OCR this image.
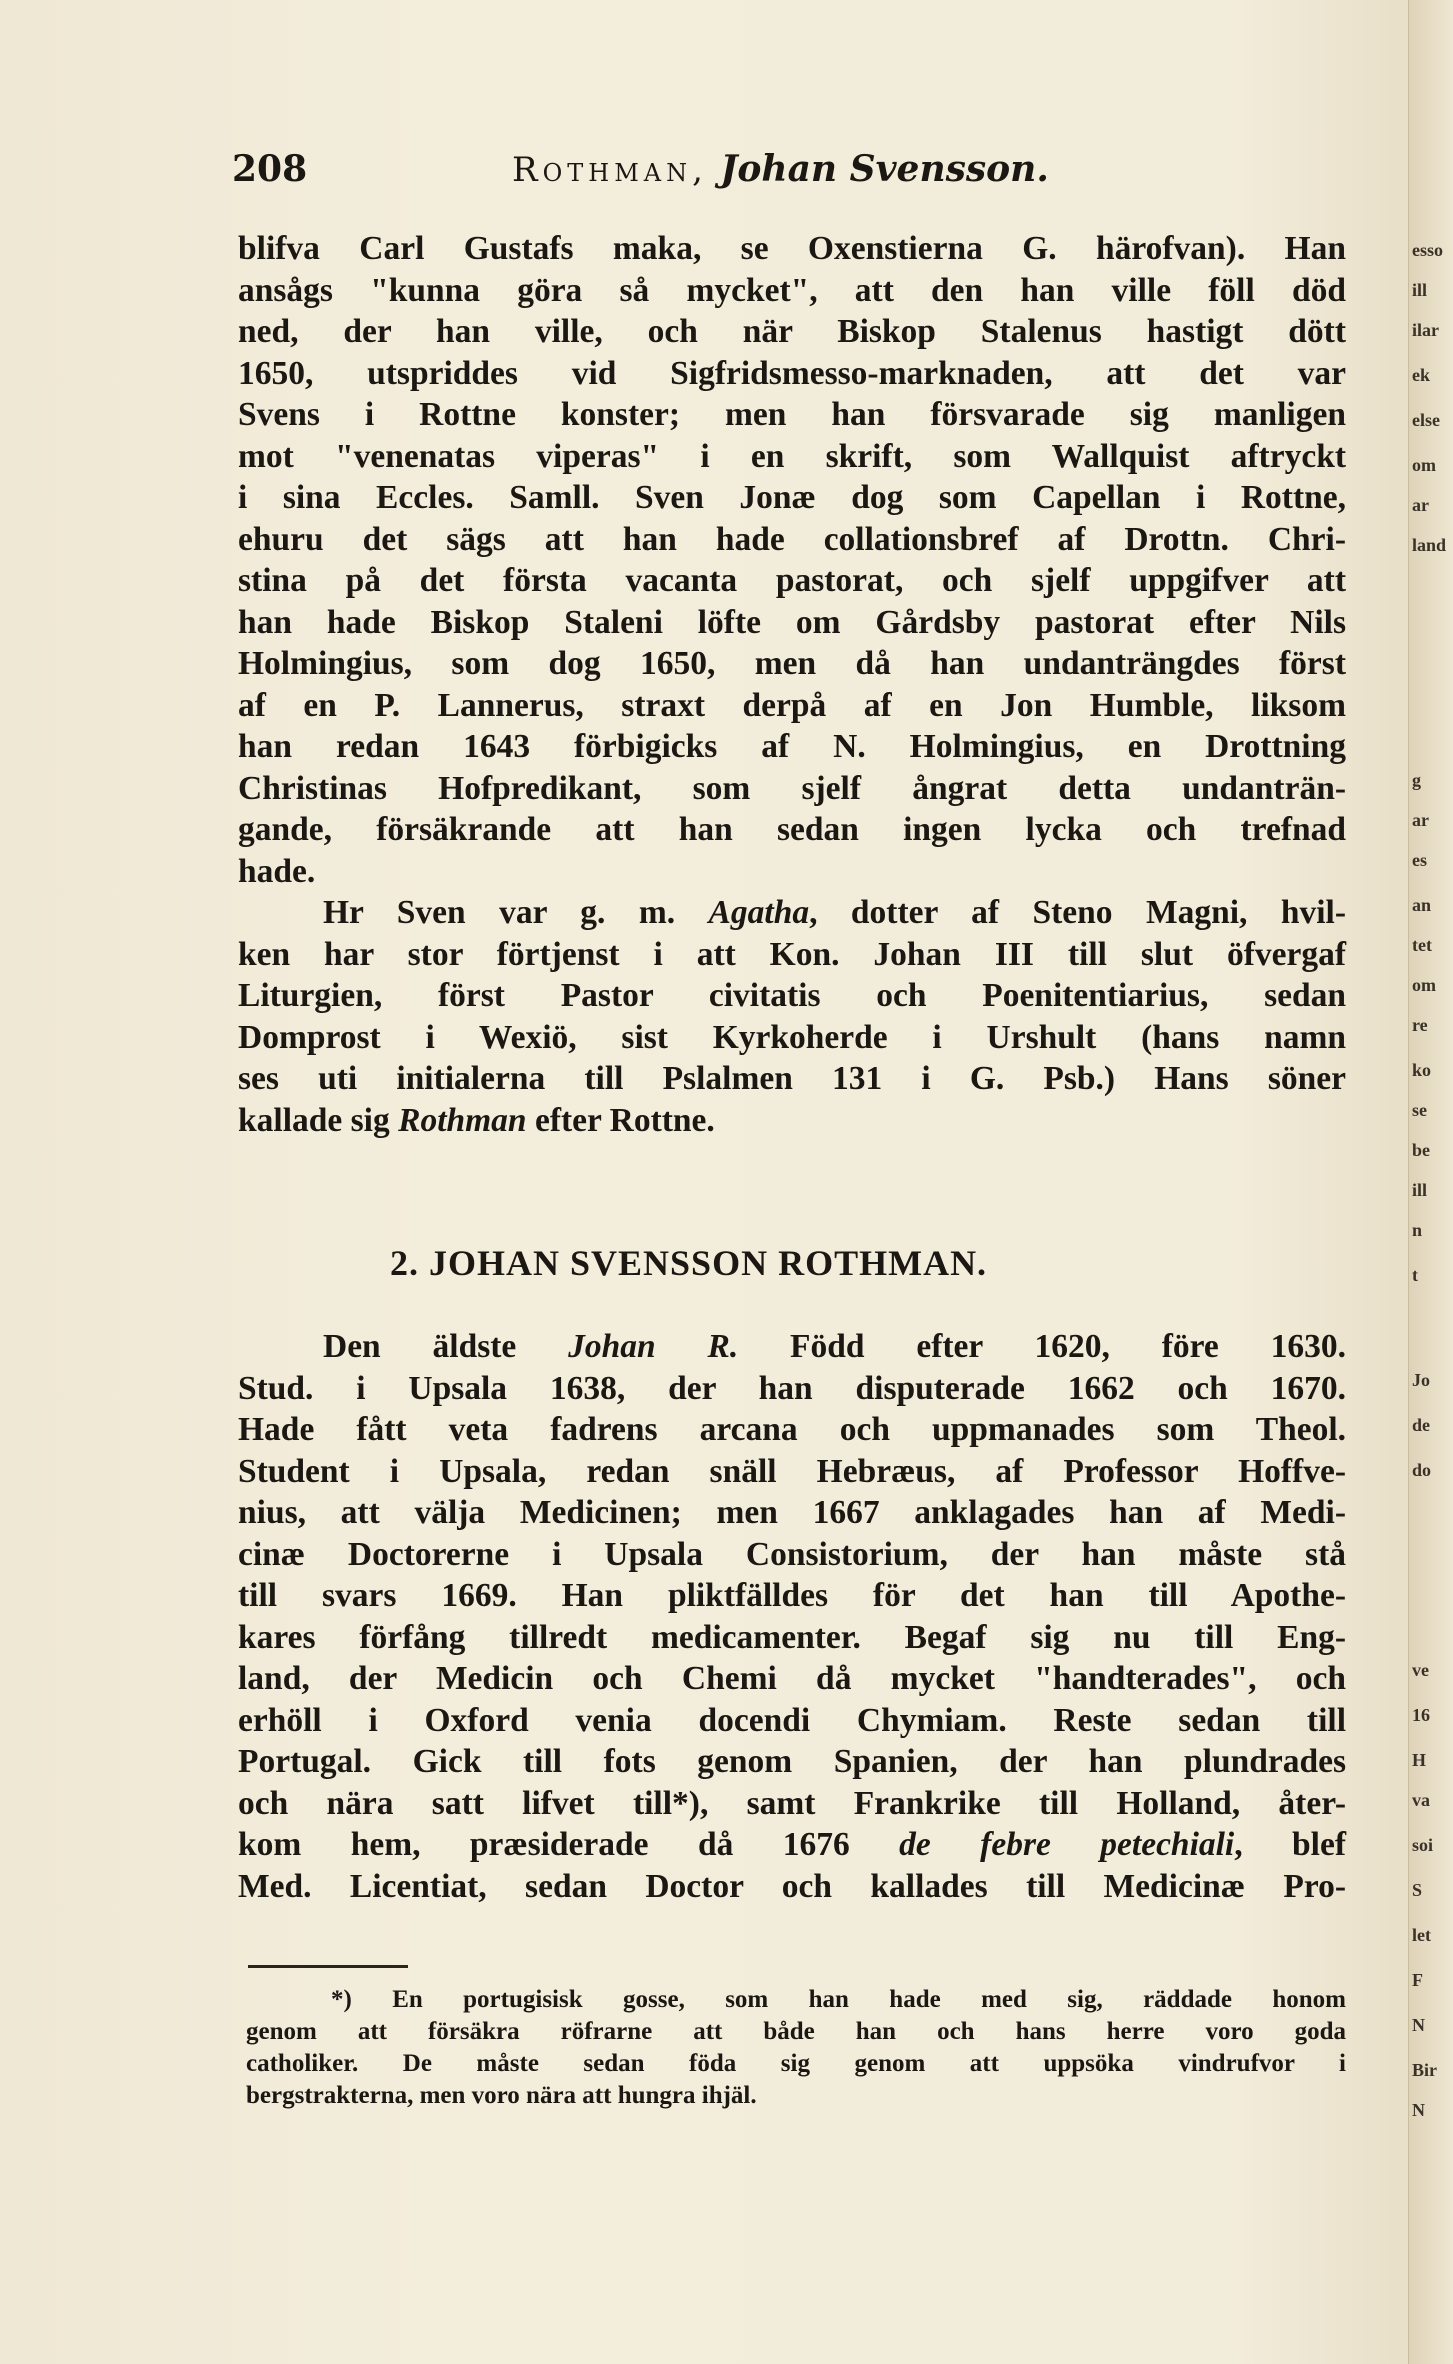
208	Rothman, Johan Svensson.
blifva Carl Gustafs maka, se Oxenstierna G. härofvan). Han
ansågs "kunna göra så mycket", att den han ville föll död
ned, der han ville, och när Biskop Stalenus hastigt dött
1650, utspriddes vid Sigfridsmesso-marknaden, att det var
Svens i Rottne konster; men han försvarade sig manligen
mot "venenatas viperas" i en skrift, som Wallquist aftryckt
i sina Eccles. Samll. Sven Jonæ dog som Capellan i Rottne,
ehuru det sägs att han hade collationsbref af Drottn. Chri-
stina på det första vacanta pastorat, och sjelf uppgifver att
han hade Biskop Staleni löfte om Gårdsby pastorat efter Nils
Holmingius, som dog 1650, men då han undanträngdes först
af en P. Lannerus, straxt derpå af en Jon Humble, liksom
han redan 1643 förbigicks af N. Holmingius, en Drottning
Christinas Hofpredikant, som sjelf ångrat detta undanträn-
gande, försäkrande att han sedan ingen lycka och trefnad
hade.
Hr Sven var g. m. Agatha, dotter af Steno Magni, hvil-
ken har stor förtjenst i att Kon. Johan III till slut öfvergaf
Liturgien, först Pastor civitatis och Poenitentiarius, sedan
Domprost i Wexiö, sist Kyrkoherde i Urshult (hans namn
ses uti initialerna till Pslalmen 131 i G. Psb.) Hans söner
kallade sig Rothman efter Rottne.
2. JOHAN SVENSSON ROTHMAN.
Den äldste Johan R. Född efter 1620, före 1630.
Stud. i Upsala 1638, der han disputerade 1662 och 1670.
Hade fått veta fadrens arcana och uppmanades som Theol.
Student i Upsala, redan snäll Hebræus, af Professor Hoffve-
nius, att välja Medicinen; men 1667 anklagades han af Medi-
cinæ Doctorerne i Upsala Consistorium, der han måste stå
till svars 1669. Han pliktfälldes för det han till Apothe-
kares förfång tillredt medicamenter. Begaf sig nu till Eng-
land, der Medicin och Chemi då mycket "handterades", och
erhöll i Oxford venia docendi Chymiam. Reste sedan till
Portugal. Gick till fots genom Spanien, der han plundrades
och nära satt lifvet till*), samt Frankrike till Holland, åter-
kom hem, præsiderade då 1676 de febre petechiali, blef
Med. Licentiat, sedan Doctor och kallades till Medicinæ Pro-
*) En portugisisk gosse, som han hade med sig, räddade honom
genom att försäkra röfrarne att både han och hans herre voro goda
catholiker. De måste sedan föda sig genom att uppsöka vindrufvor i
bergstrakterna, men voro nära att hungra ihjäl.
esso
ill
ilar
ek
else
om
ar
land
g
ar
es
an
tet
om
re
ko
se
be
ill
n
t
Jo
de
do
ve
16
H
va
soi
S
let
F
N
Bir
N
